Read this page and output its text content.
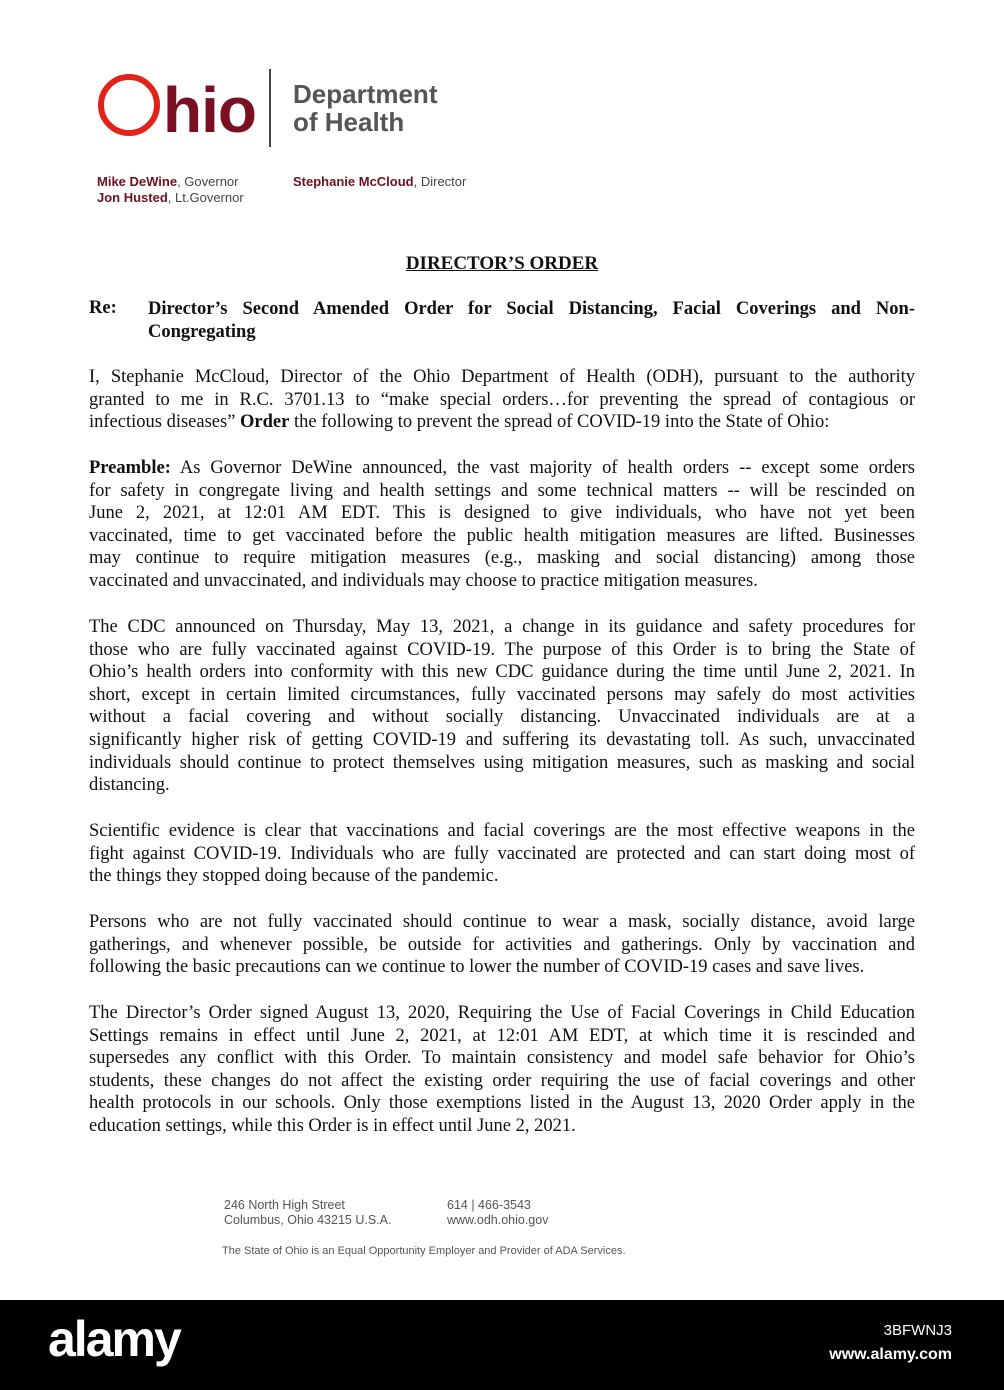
hio Department
of Health
Mike DeWine, Governor
Jon Husted, Lt.Governor
Stephanie McCloud, Director
DIRECTOR’S ORDER
Re: Director’s Second Amended Order for Social Distancing, Facial Coverings and Non-
Congregating
I, Stephanie McCloud, Director of the Ohio Department of Health (ODH), pursuant to the authority
granted to me in R.C. 3701.13 to “make special orders…for preventing the spread of contagious or
infectious diseases” Order the following to prevent the spread of COVID-19 into the State of Ohio:
Preamble: As Governor DeWine announced, the vast majority of health orders -- except some orders
for safety in congregate living and health settings and some technical matters -- will be rescinded on
June 2, 2021, at 12:01 AM EDT. This is designed to give individuals, who have not yet been
vaccinated, time to get vaccinated before the public health mitigation measures are lifted. Businesses
may continue to require mitigation measures (e.g., masking and social distancing) among those
vaccinated and unvaccinated, and individuals may choose to practice mitigation measures.
The CDC announced on Thursday, May 13, 2021, a change in its guidance and safety procedures for
those who are fully vaccinated against COVID-19. The purpose of this Order is to bring the State of
Ohio’s health orders into conformity with this new CDC guidance during the time until June 2, 2021. In
short, except in certain limited circumstances, fully vaccinated persons may safely do most activities
without a facial covering and without socially distancing. Unvaccinated individuals are at a
significantly higher risk of getting COVID-19 and suffering its devastating toll. As such, unvaccinated
individuals should continue to protect themselves using mitigation measures, such as masking and social
distancing.
Scientific evidence is clear that vaccinations and facial coverings are the most effective weapons in the
fight against COVID-19. Individuals who are fully vaccinated are protected and can start doing most of
the things they stopped doing because of the pandemic.
Persons who are not fully vaccinated should continue to wear a mask, socially distance, avoid large
gatherings, and whenever possible, be outside for activities and gatherings. Only by vaccination and
following the basic precautions can we continue to lower the number of COVID-19 cases and save lives.
The Director’s Order signed August 13, 2020, Requiring the Use of Facial Coverings in Child Education
Settings remains in effect until June 2, 2021, at 12:01 AM EDT, at which time it is rescinded and
supersedes any conflict with this Order. To maintain consistency and model safe behavior for Ohio’s
students, these changes do not affect the existing order requiring the use of facial coverings and other
health protocols in our schools. Only those exemptions listed in the August 13, 2020 Order apply in the
education settings, while this Order is in effect until June 2, 2021.
246 North High Street
Columbus, Ohio 43215 U.S.A.
614 | 466-3543
www.odh.ohio.gov
The State of Ohio is an Equal Opportunity Employer and Provider of ADA Services.
alamy	3BFWNJ3
www.alamy.com
